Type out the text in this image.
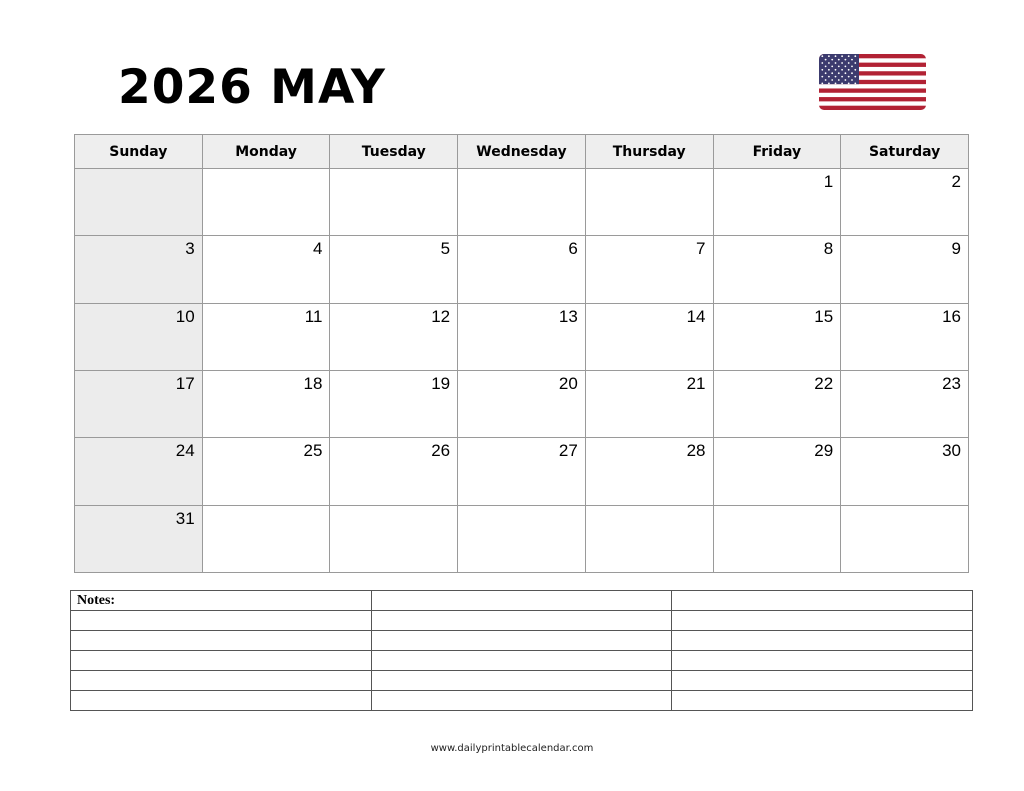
2026 MAY
Sunday	Monday	Tuesday	Wednesday	Thursday	Friday	Saturday
					1	2
3	4	5	6	7	8	9
10	11	12	13	14	15	16
17	18	19	20	21	22	23
24	25	26	27	28	29	30
31						
Notes:		

www.dailyprintablecalendar.com
